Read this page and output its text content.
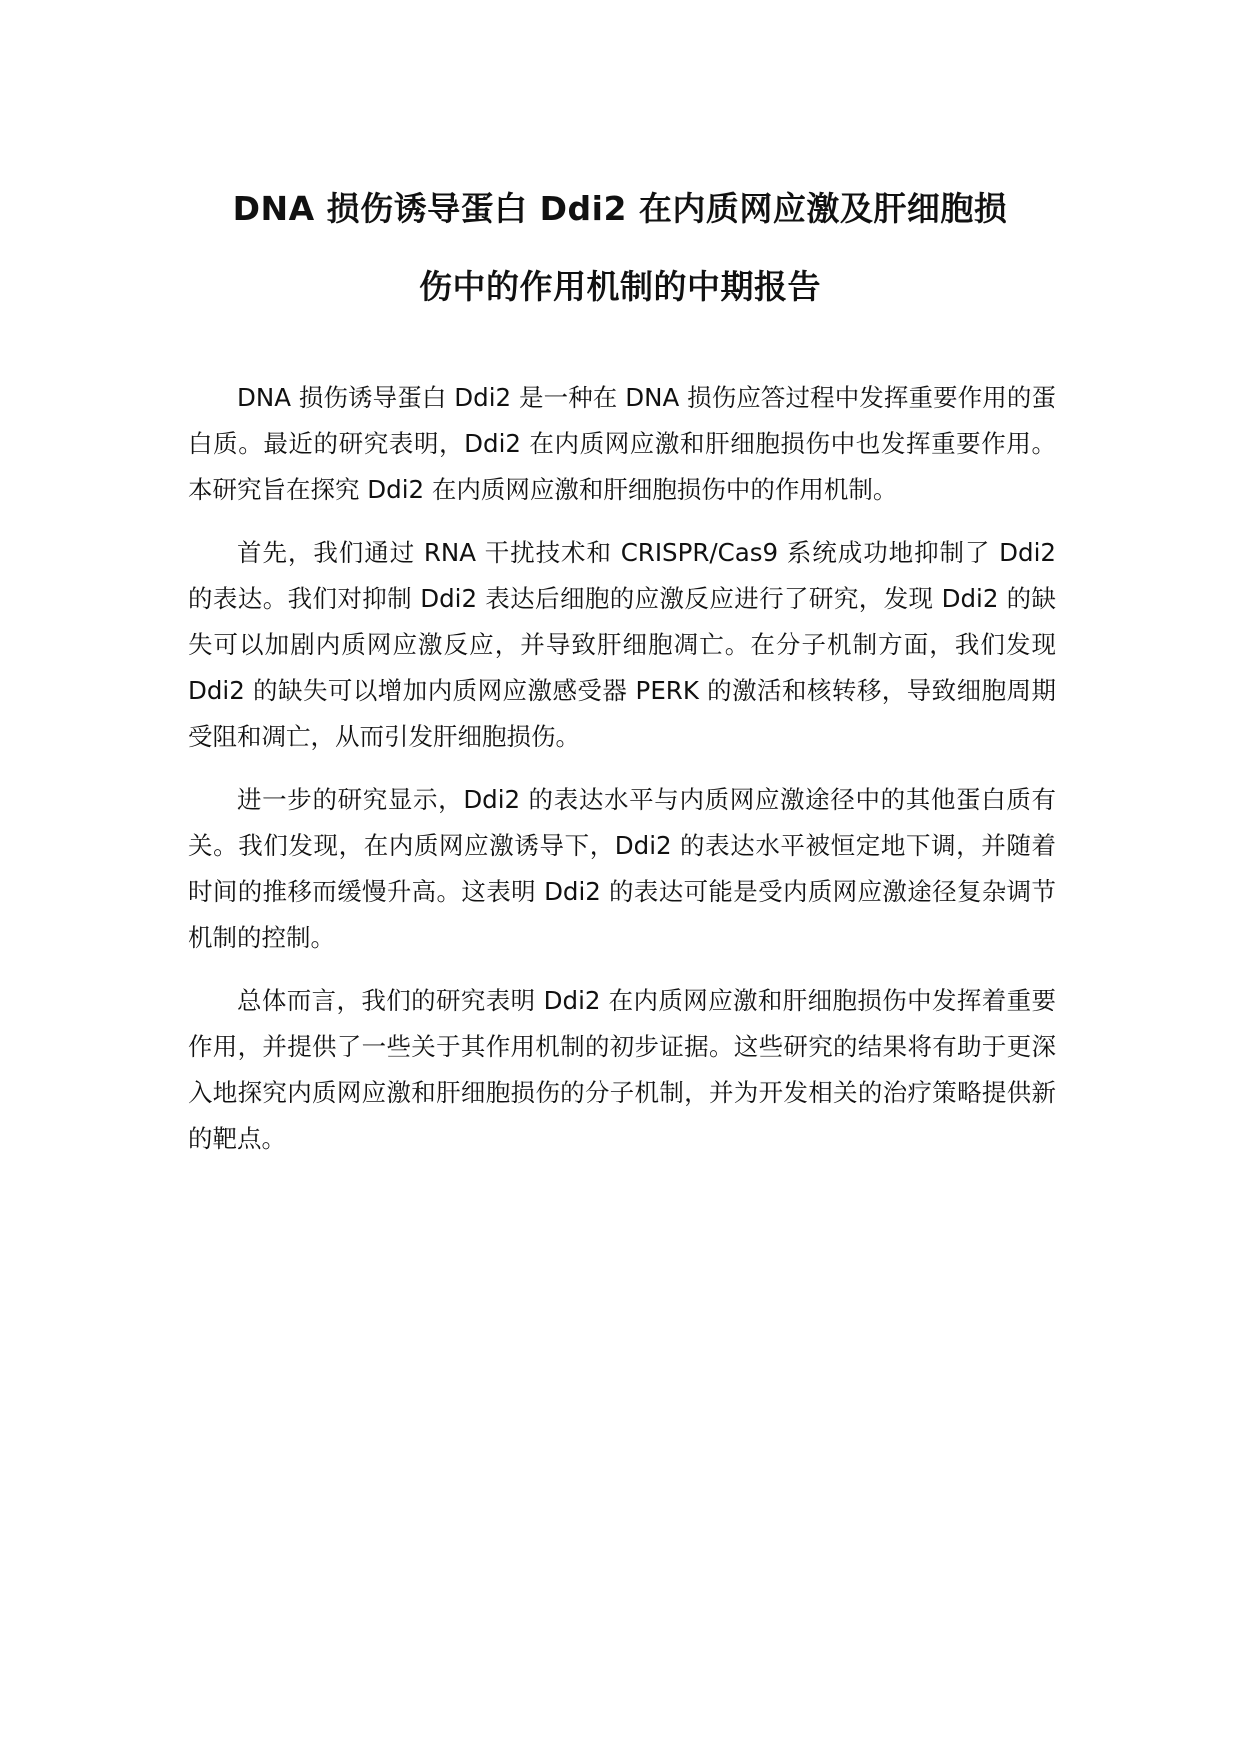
DNA 损伤诱导蛋白 Ddi2 在内质网应激及肝细胞损
伤中的作用机制的中期报告

DNA 损伤诱导蛋白 Ddi2 是一种在 DNA 损伤应答过程中发挥重要作用的蛋白质。最近的研究表明，Ddi2 在内质网应激和肝细胞损伤中也发挥重要作用。本研究旨在探究 Ddi2 在内质网应激和肝细胞损伤中的作用机制。

首先，我们通过 RNA 干扰技术和 CRISPR/Cas9 系统成功地抑制了 Ddi2 的表达。我们对抑制 Ddi2 表达后细胞的应激反应进行了研究，发现 Ddi2 的缺失可以加剧内质网应激反应，并导致肝细胞凋亡。在分子机制方面，我们发现 Ddi2 的缺失可以增加内质网应激感受器 PERK 的激活和核转移，导致细胞周期受阻和凋亡，从而引发肝细胞损伤。

进一步的研究显示，Ddi2 的表达水平与内质网应激途径中的其他蛋白质有关。我们发现，在内质网应激诱导下，Ddi2 的表达水平被恒定地下调，并随着时间的推移而缓慢升高。这表明 Ddi2 的表达可能是受内质网应激途径复杂调节机制的控制。

总体而言，我们的研究表明 Ddi2 在内质网应激和肝细胞损伤中发挥着重要作用，并提供了一些关于其作用机制的初步证据。这些研究的结果将有助于更深入地探究内质网应激和肝细胞损伤的分子机制，并为开发相关的治疗策略提供新的靶点。
